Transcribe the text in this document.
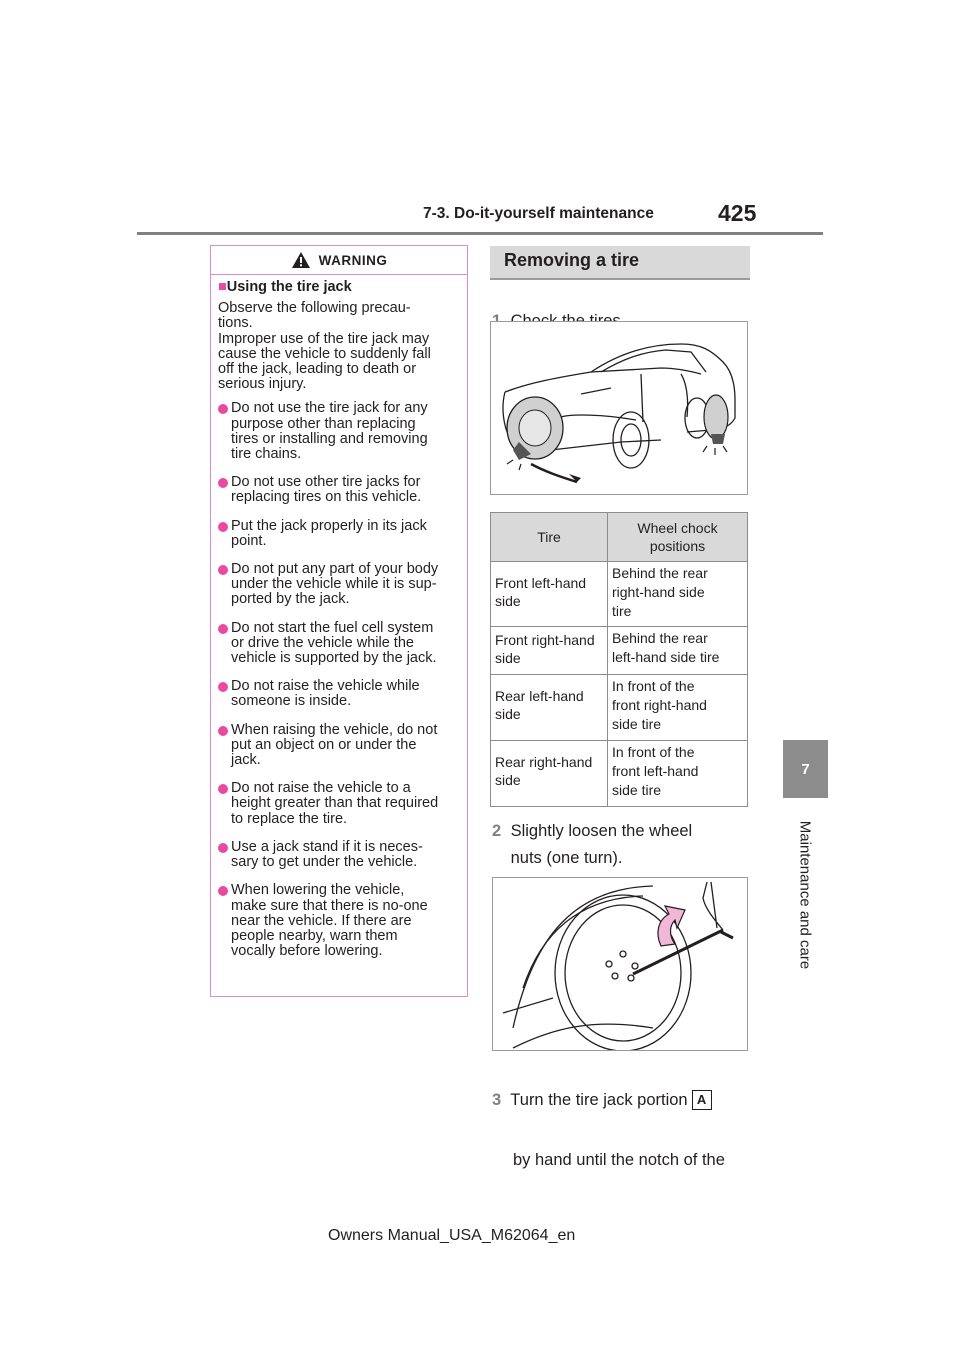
7-3. Do-it-yourself maintenance	425
7
Maintenance and care
WARNING
■Using the tire jack
Observe the following precau-
tions.
Improper use of the tire jack may
cause the vehicle to suddenly fall
off the jack, leading to death or
serious injury.
Do not use the tire jack for any
purpose other than replacing
tires or installing and removing
tire chains.
Do not use other tire jacks for
replacing tires on this vehicle.
Put the jack properly in its jack
point.
Do not put any part of your body
under the vehicle while it is sup-
ported by the jack.
Do not start the fuel cell system
or drive the vehicle while the
vehicle is supported by the jack.
Do not raise the vehicle while
someone is inside.
When raising the vehicle, do not
put an object on or under the
jack.
Do not raise the vehicle to a
height greater than that required
to replace the tire.
Use a jack stand if it is neces-
sary to get under the vehicle.
When lowering the vehicle,
make sure that there is no-one
near the vehicle. If there are
people nearby, warn them
vocally before lowering.
Removing a tire
Tire	Wheel chock
positions
Front left-hand
side	Behind the rear
right-hand side
tire
Front right-hand
side	Behind the rear
left-hand side tire
Rear left-hand
side	In front of the
front right-hand
side tire
Rear right-hand
side	In front of the
front left-hand
side tire
2 Slightly loosen the wheel
nuts (one turn).

3 Turn the tire jack portion A

by hand until the notch of the

Owners Manual_USA_M62064_en
